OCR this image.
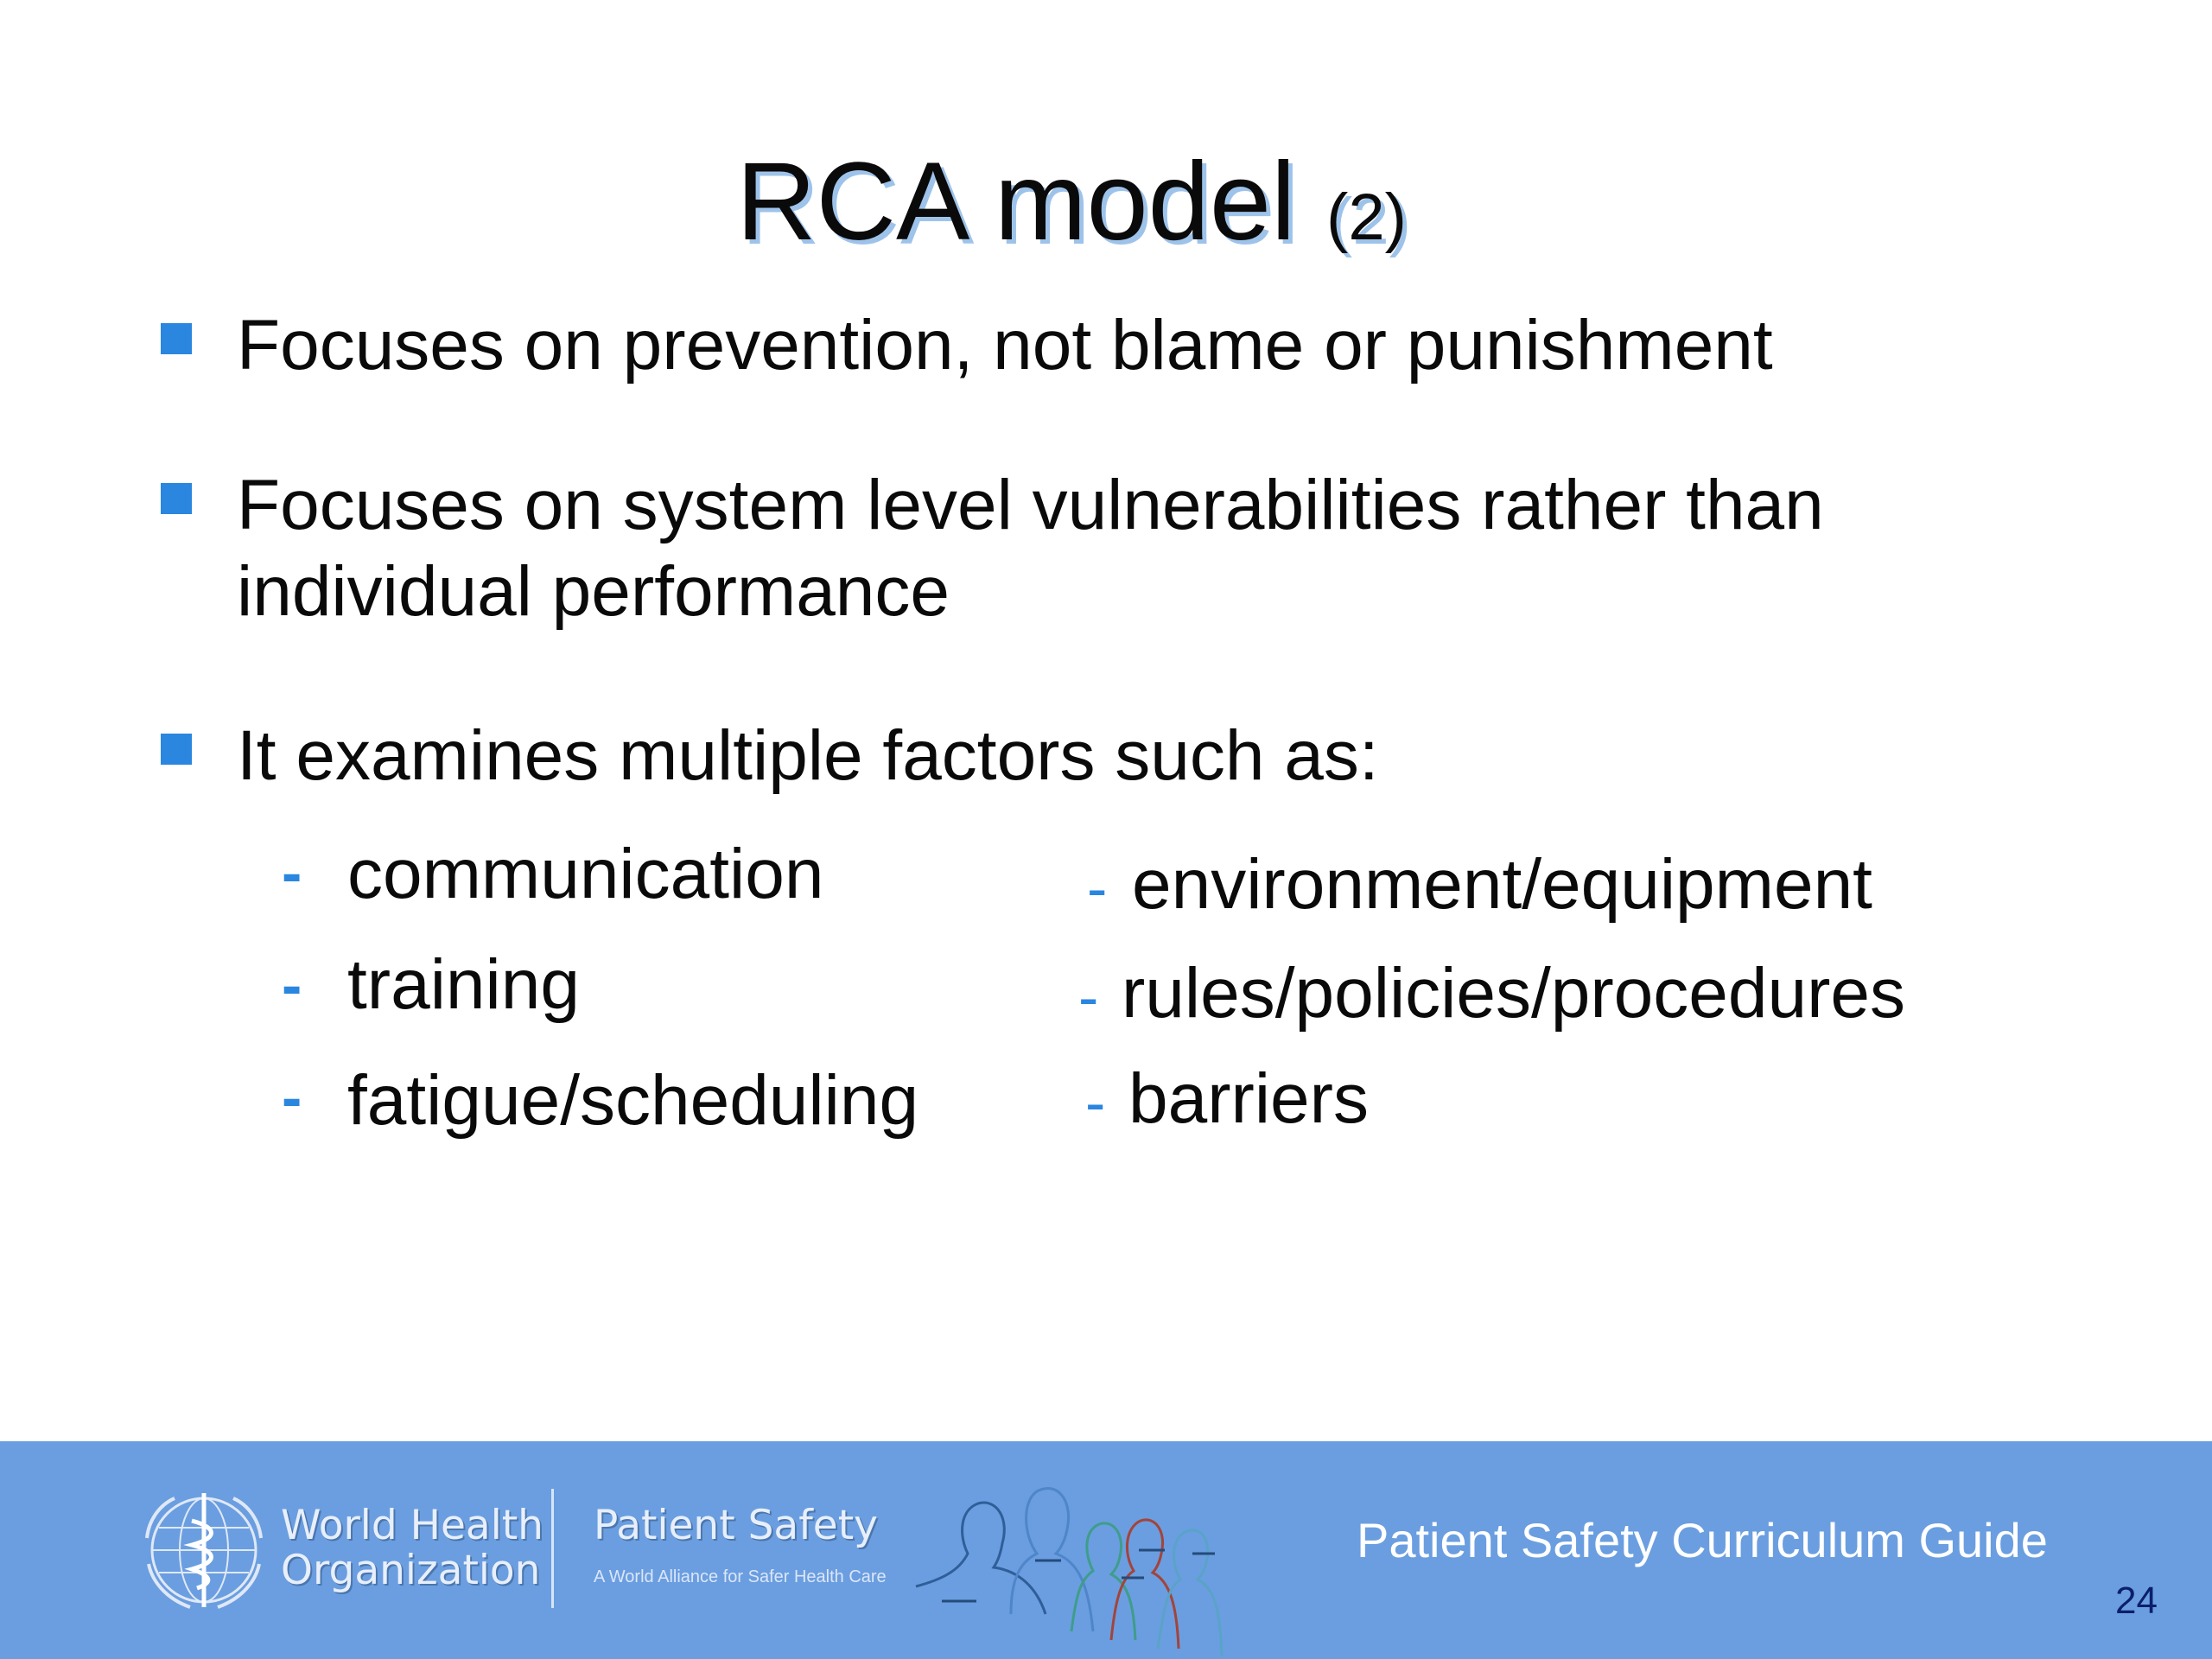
RCA model (2)
Focuses on prevention, not blame or punishment
Focuses on system level vulnerabilities rather than individual performance
It examines multiple factors such as:
- communication
- training
- fatigue/scheduling
- environment/equipment
- rules/policies/procedures
- barriers
World Health
Organization
Patient Safety
A World Alliance for Safer Health Care
Patient Safety Curriculum Guide
24
